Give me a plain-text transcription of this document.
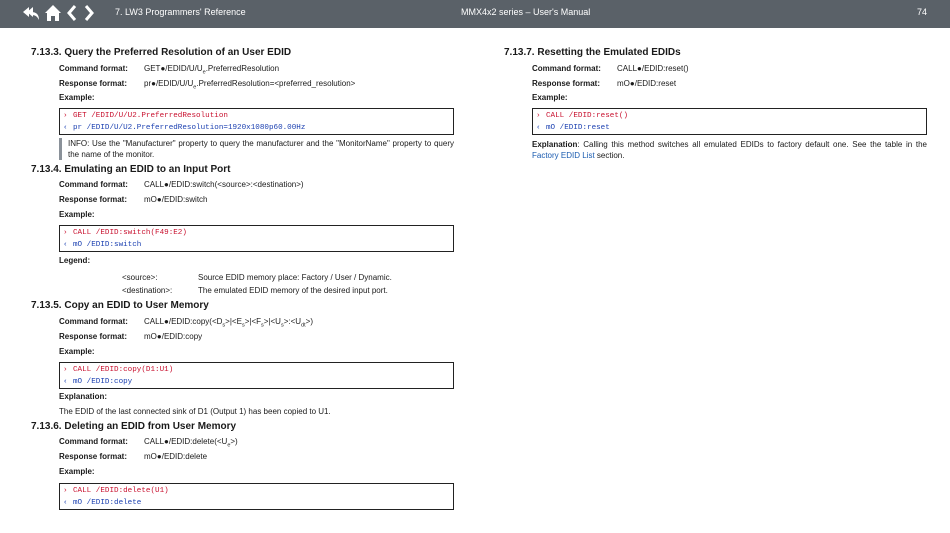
7. LW3 Programmers' Reference	MMX4x2 series – User's Manual	74
7.13.3. Query the Preferred Resolution of an User EDID
Command format: $GET●/EDID/U/U_e.PreferredResolution$
Response format: $pr●/EDID/U/U_e.PreferredResolution=<preferred\_resolution>$
Example:
› GET /EDID/U/U2.PreferredResolution
‹ pr /EDID/U/U2.PreferredResolution=1920x1080p60.00Hz
INFO: Use the "Manufacturer" property to query the manufacturer and the "MonitorName" property to query the name of the monitor.
7.13.4. Emulating an EDID to an Input Port
Command format: CALL●/EDID:switch(<source>:<destination>)
Response format: mO●/EDID:switch
Example:
› CALL /EDID:switch(F49:E2)
‹ mO /EDID:switch
Legend:
<source>:	Source EDID memory place: Factory / User / Dynamic.
<destination>:	The emulated EDID memory of the desired input port.
7.13.5. Copy an EDID to User Memory
Command format: $CALL●/EDID:copy(<D_s>|<E_s>|<F_s>|<U_s>:<U_{dt}>)$
Response format: mO●/EDID:copy
Example:
› CALL /EDID:copy(D1:U1)
‹ mO /EDID:copy
Explanation:
The EDID of the last connected sink of D1 (Output 1) has been copied to U1.
7.13.6. Deleting an EDID from User Memory
Command format: $CALL●/EDID:delete(<U_e>)$
Response format: mO●/EDID:delete
Example:
› CALL /EDID:delete(U1)
‹ mO /EDID:delete
7.13.7. Resetting the Emulated EDIDs
Command format: CALL●/EDID:reset()
Response format: mO●/EDID:reset
Example:
› CALL /EDID:reset()
‹ mO /EDID:reset
Explanation: Calling this method switches all emulated EDIDs to factory default one. See the table in the Factory EDID List section.
